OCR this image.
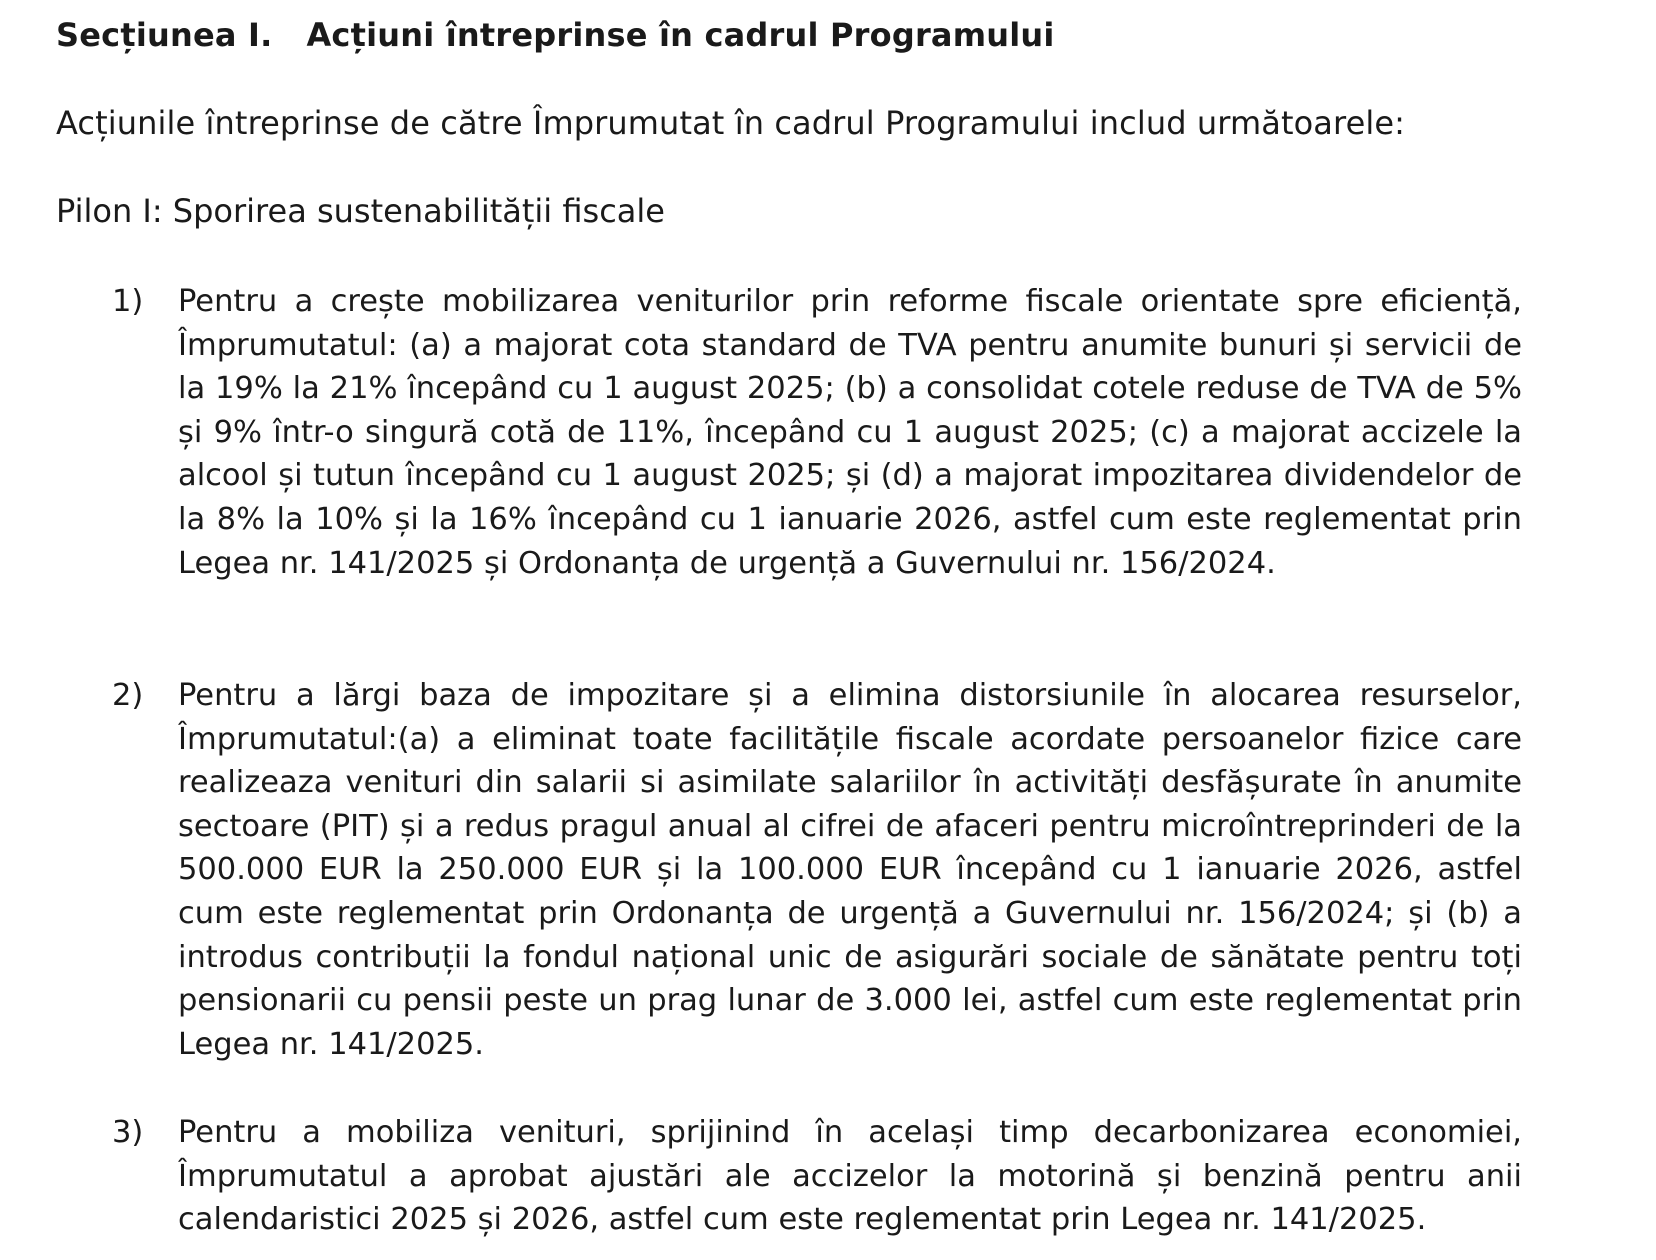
Secțiunea I. Acțiuni întreprinse în cadrul Programului
Acțiunile întreprinse de către Împrumutat în cadrul Programului includ următoarele:
Pilon I: Sporirea sustenabilității fiscale
1)	Pentru a crește mobilizarea veniturilor prin reforme fiscale orientate spre eficiență, Împrumutatul: (a) a majorat cota standard de TVA pentru anumite bunuri și servicii de la 19% la 21% începând cu 1 august 2025; (b) a consolidat cotele reduse de TVA de 5% și 9% într-o singură cotă de 11%, începând cu 1 august 2025; (c) a majorat accizele la alcool și tutun începând cu 1 august 2025; și (d) a majorat impozitarea dividendelor de la 8% la 10% și la 16% începând cu 1 ianuarie 2026, astfel cum este reglementat prin Legea nr. 141/2025 și Ordonanța de urgență a Guvernului nr. 156/2024.
2)	Pentru a lărgi baza de impozitare și a elimina distorsiunile în alocarea resurselor, Împrumutatul:(a) a eliminat toate facilitățile fiscale acordate persoanelor fizice care realizeaza venituri din salarii si asimilate salariilor în activități desfășurate în anumite sectoare (PIT) și a redus pragul anual al cifrei de afaceri pentru microîntreprinderi de la 500.000 EUR la 250.000 EUR și la 100.000 EUR începând cu 1 ianuarie 2026, astfel cum este reglementat prin Ordonanța de urgență a Guvernului nr. 156/2024; și (b) a introdus contribuții la fondul național unic de asigurări sociale de sănătate pentru toți pensionarii cu pensii peste un prag lunar de 3.000 lei, astfel cum este reglementat prin Legea nr. 141/2025.
3)	Pentru a mobiliza venituri, sprijinind în același timp decarbonizarea economiei, Împrumutatul a aprobat ajustări ale accizelor la motorină și benzină pentru anii calendaristici 2025 și 2026, astfel cum este reglementat prin Legea nr. 141/2025.
